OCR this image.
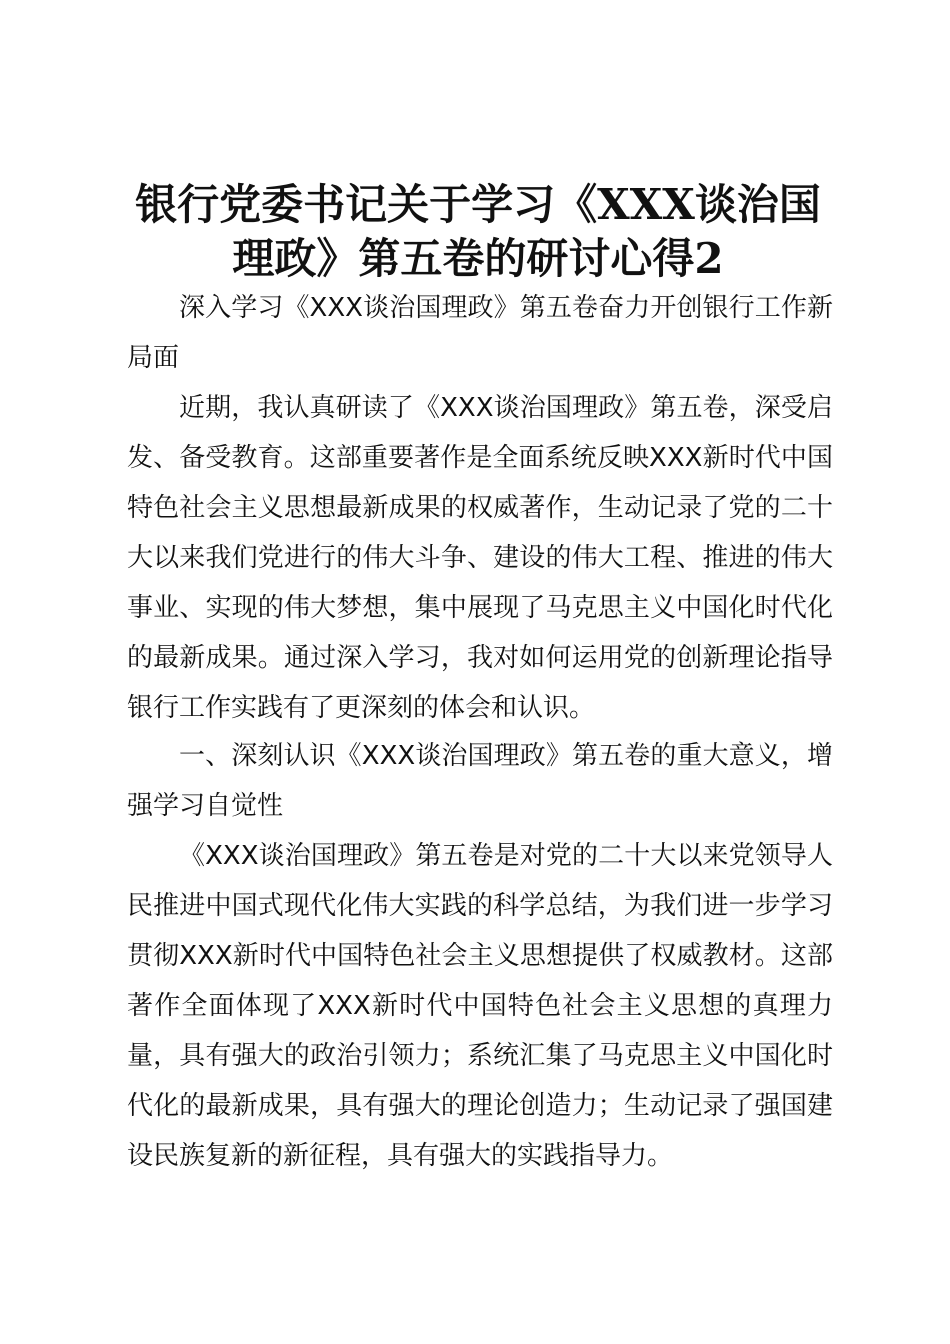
银行党委书记关于学习《XXX谈治国理政》第五卷的研讨心得2

深入学习《XXX谈治国理政》第五卷奋力开创银行工作新局面

近期，我认真研读了《XXX谈治国理政》第五卷，深受启发、备受教育。这部重要著作是全面系统反映XXX新时代中国特色社会主义思想最新成果的权威著作，生动记录了党的二十大以来我们党进行的伟大斗争、建设的伟大工程、推进的伟大事业、实现的伟大梦想，集中展现了马克思主义中国化时代化的最新成果。通过深入学习，我对如何运用党的创新理论指导银行工作实践有了更深刻的体会和认识。

一、深刻认识《XXX谈治国理政》第五卷的重大意义，增强学习自觉性

《XXX谈治国理政》第五卷是对党的二十大以来党领导人民推进中国式现代化伟大实践的科学总结，为我们进一步学习贯彻XXX新时代中国特色社会主义思想提供了权威教材。这部著作全面体现了XXX新时代中国特色社会主义思想的真理力量，具有强大的政治引领力；系统汇集了马克思主义中国化时代化的最新成果，具有强大的理论创造力；生动记录了强国建设民族复新的新征程，具有强大的实践指导力。
